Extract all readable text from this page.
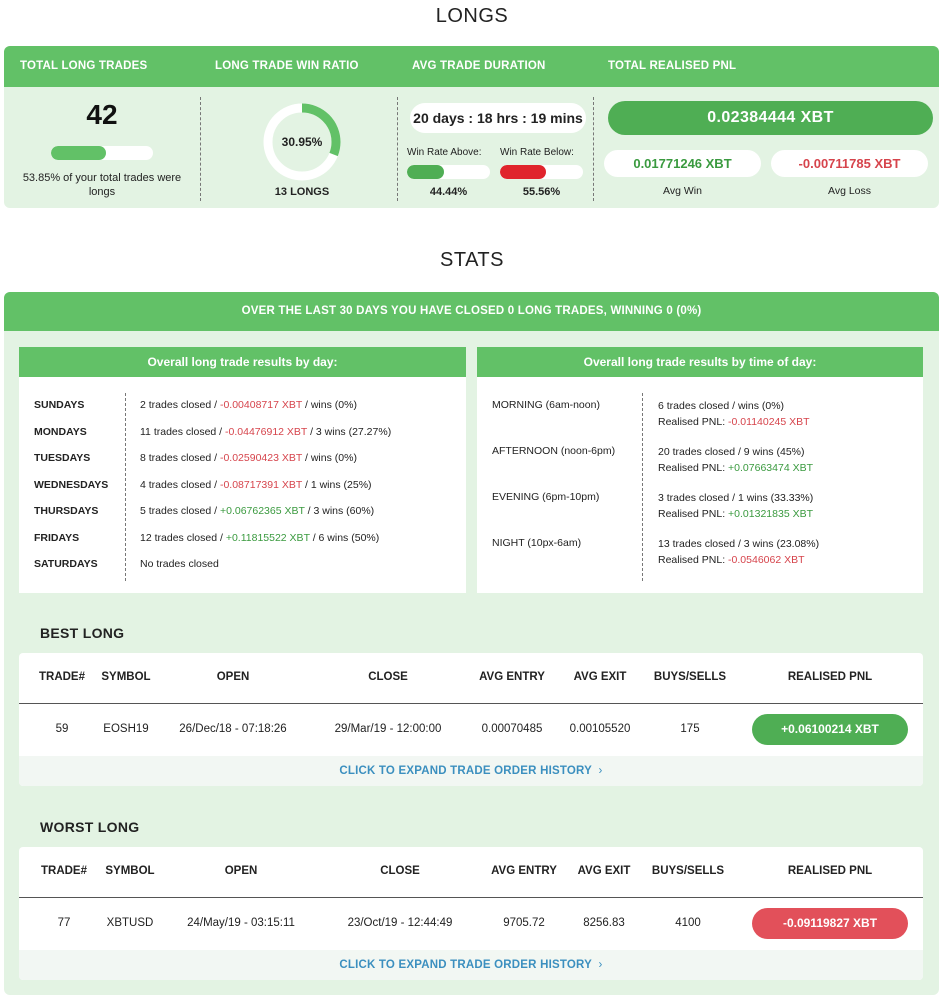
LONGS
TOTAL LONG TRADES	LONG TRADE WIN RATIO	AVG TRADE DURATION	TOTAL REALISED PNL
42
53.85% of your total trades were longs
30.95%
13 LONGS
20 days : 18 hrs : 19 mins
Win Rate Above:	Win Rate Below:
44.44%	55.56%
0.02384444 XBT
0.01771246 XBT	-0.00711785 XBT
Avg Win	Avg Loss
STATS
OVER THE LAST 30 DAYS YOU HAVE CLOSED 0 LONG TRADES, WINNING 0 (0%)
Overall long trade results by day:
SUNDAYS	2 trades closed / -0.00408717 XBT / wins (0%)
MONDAYS	11 trades closed / -0.04476912 XBT / 3 wins (27.27%)
TUESDAYS	8 trades closed / -0.02590423 XBT / wins (0%)
WEDNESDAYS	4 trades closed / -0.08717391 XBT / 1 wins (25%)
THURSDAYS	5 trades closed / +0.06762365 XBT / 3 wins (60%)
FRIDAYS	12 trades closed / +0.11815522 XBT / 6 wins (50%)
SATURDAYS	No trades closed
Overall long trade results by time of day:
MORNING (6am-noon)	6 trades closed / wins (0%)
Realised PNL: -0.01140245 XBT
AFTERNOON (noon-6pm)	20 trades closed / 9 wins (45%)
Realised PNL: +0.07663474 XBT
EVENING (6pm-10pm)	3 trades closed / 1 wins (33.33%)
Realised PNL: +0.01321835 XBT
NIGHT (10px-6am)	13 trades closed / 3 wins (23.08%)
Realised PNL: -0.0546062 XBT
BEST LONG
TRADE#	SYMBOL	OPEN	CLOSE	AVG ENTRY	AVG EXIT	BUYS/SELLS	REALISED PNL
59	EOSH19	26/Dec/18 - 07:18:26	29/Mar/19 - 12:00:00	0.00070485	0.00105520	175	+0.06100214 XBT
CLICK TO EXPAND TRADE ORDER HISTORY  ›
WORST LONG
TRADE#	SYMBOL	OPEN	CLOSE	AVG ENTRY	AVG EXIT	BUYS/SELLS	REALISED PNL
77	XBTUSD	24/May/19 - 03:15:11	23/Oct/19 - 12:44:49	9705.72	8256.83	4100	-0.09119827 XBT
CLICK TO EXPAND TRADE ORDER HISTORY  ›
